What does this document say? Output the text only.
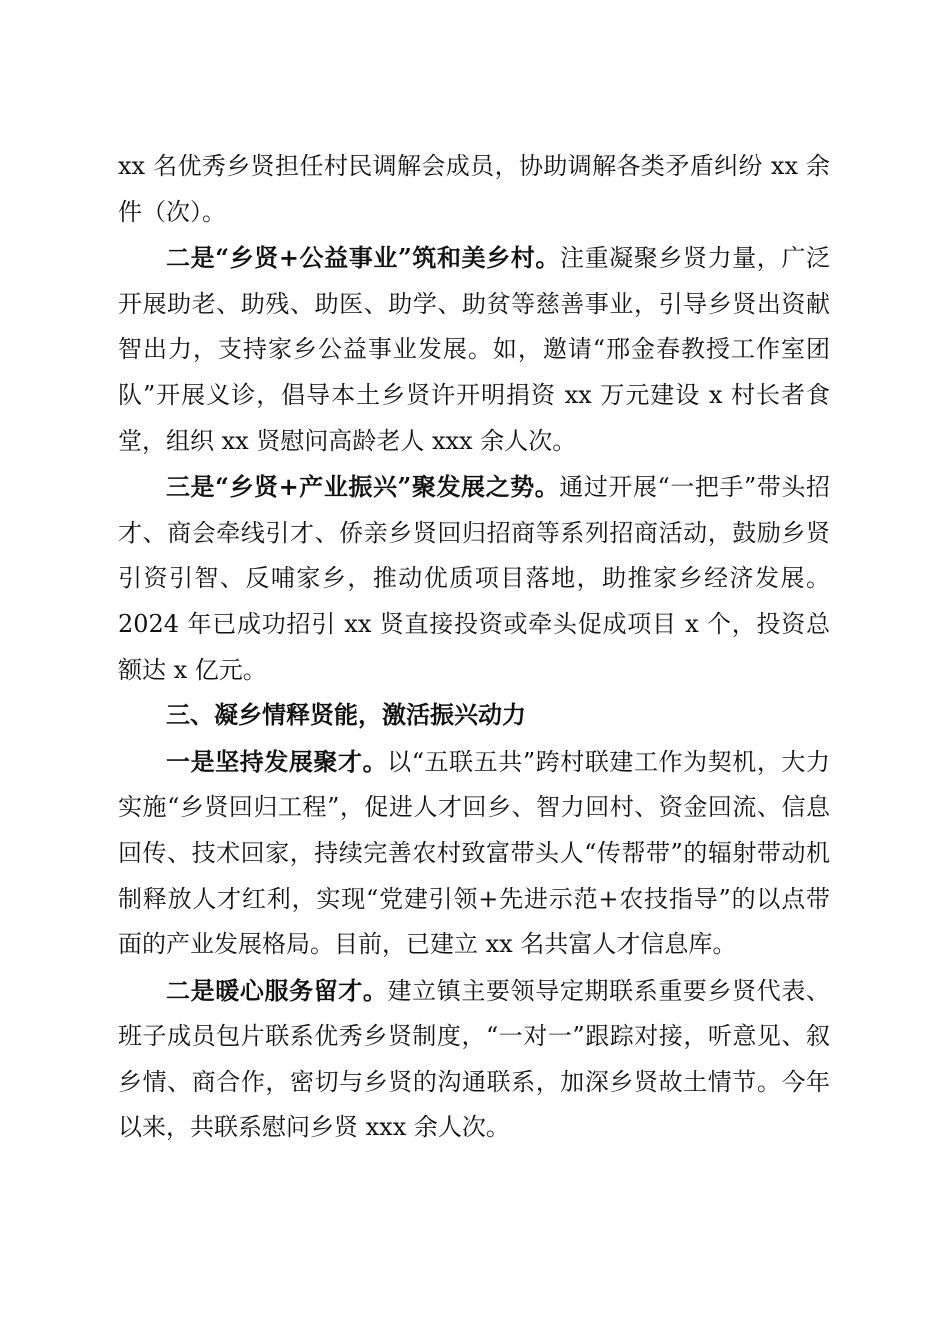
xx 名优秀乡贤担任村民调解会成员，协助调解各类矛盾纠纷 xx 余件（次）。

二是“乡贤+公益事业”筑和美乡村。注重凝聚乡贤力量，广泛开展助老、助残、助医、助学、助贫等慈善事业，引导乡贤出资献智出力，支持家乡公益事业发展。如，邀请“邢金春教授工作室团队”开展义诊，倡导本土乡贤许开明捐资 xx 万元建设 x 村长者食堂，组织 xx 贤慰问高龄老人 xxx 余人次。

三是“乡贤+产业振兴”聚发展之势。通过开展“一把手”带头招才、商会牵线引才、侨亲乡贤回归招商等系列招商活动，鼓励乡贤引资引智、反哺家乡，推动优质项目落地，助推家乡经济发展。2024 年已成功招引 xx 贤直接投资或牵头促成项目 x 个，投资总额达 x 亿元。

三、凝乡情释贤能，激活振兴动力

一是坚持发展聚才。以“五联五共”跨村联建工作为契机，大力实施“乡贤回归工程”，促进人才回乡、智力回村、资金回流、信息回传、技术回家，持续完善农村致富带头人“传帮带”的辐射带动机制释放人才红利，实现“党建引领+先进示范+农技指导”的以点带面的产业发展格局。目前，已建立 xx 名共富人才信息库。

二是暖心服务留才。建立镇主要领导定期联系重要乡贤代表、班子成员包片联系优秀乡贤制度，“一对一”跟踪对接，听意见、叙乡情、商合作，密切与乡贤的沟通联系，加深乡贤故土情节。今年以来，共联系慰问乡贤 xxx 余人次。
